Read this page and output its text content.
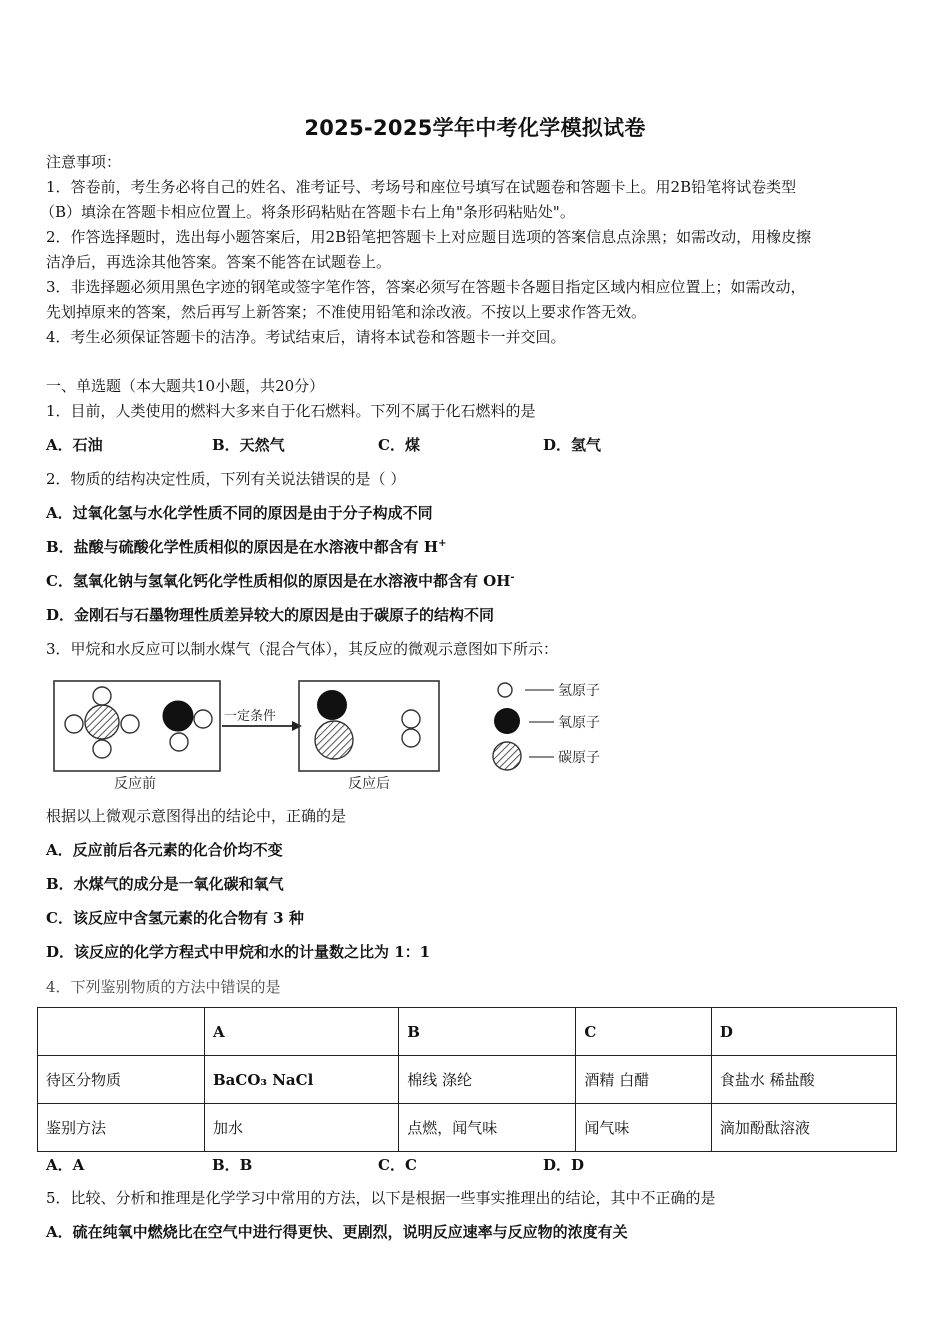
2025-2025学年中考化学模拟试卷
注意事项：
1．答卷前，考生务必将自己的姓名、准考证号、考场号和座位号填写在试题卷和答题卡上。用2B铅笔将试卷类型
（B）填涂在答题卡相应位置上。将条形码粘贴在答题卡右上角"条形码粘贴处"。
2．作答选择题时，选出每小题答案后，用2B铅笔把答题卡上对应题目选项的答案信息点涂黑；如需改动，用橡皮擦
洁净后，再选涂其他答案。答案不能答在试题卷上。
3．非选择题必须用黑色字迹的钢笔或签字笔作答，答案必须写在答题卡各题目指定区域内相应位置上；如需改动，
先划掉原来的答案，然后再写上新答案；不准使用铅笔和涂改液。不按以上要求作答无效。
4．考生必须保证答题卡的洁净。考试结束后，请将本试卷和答题卡一并交回。
一、单选题（本大题共10小题，共20分）
1．目前，人类使用的燃料大多来自于化石燃料。下列不属于化石燃料的是
A．石油	B．天然气	C．煤	D．氢气
2．物质的结构决定性质，下列有关说法错误的是（ ）
A．过氧化氢与水化学性质不同的原因是由于分子构成不同
B．盐酸与硫酸化学性质相似的原因是在水溶液中都含有 H+
C．氢氧化钠与氢氧化钙化学性质相似的原因是在水溶液中都含有 OH-
D．金刚石与石墨物理性质差异较大的原因是由于碳原子的结构不同
3．甲烷和水反应可以制水煤气（混合气体），其反应的微观示意图如下所示：
反应前
一定条件
反应后
氢原子
氧原子
碳原子
根据以上微观示意图得出的结论中，正确的是
A．反应前后各元素的化合价均不变
B．水煤气的成分是一氧化碳和氧气
C．该反应中含氢元素的化合物有 3 种
D．该反应的化学方程式中甲烷和水的计量数之比为 1：1
4．下列鉴别物质的方法中错误的是
	A	B	C	D
待区分物质	BaCO₃ NaCl	棉线 涤纶	酒精 白醋	食盐水 稀盐酸
鉴别方法	加水	点燃，闻气味	闻气味	滴加酚酞溶液
A．A	B．B	C．C	D．D
5．比较、分析和推理是化学学习中常用的方法，以下是根据一些事实推理出的结论，其中不正确的是
A．硫在纯氧中燃烧比在空气中进行得更快、更剧烈，说明反应速率与反应物的浓度有关
